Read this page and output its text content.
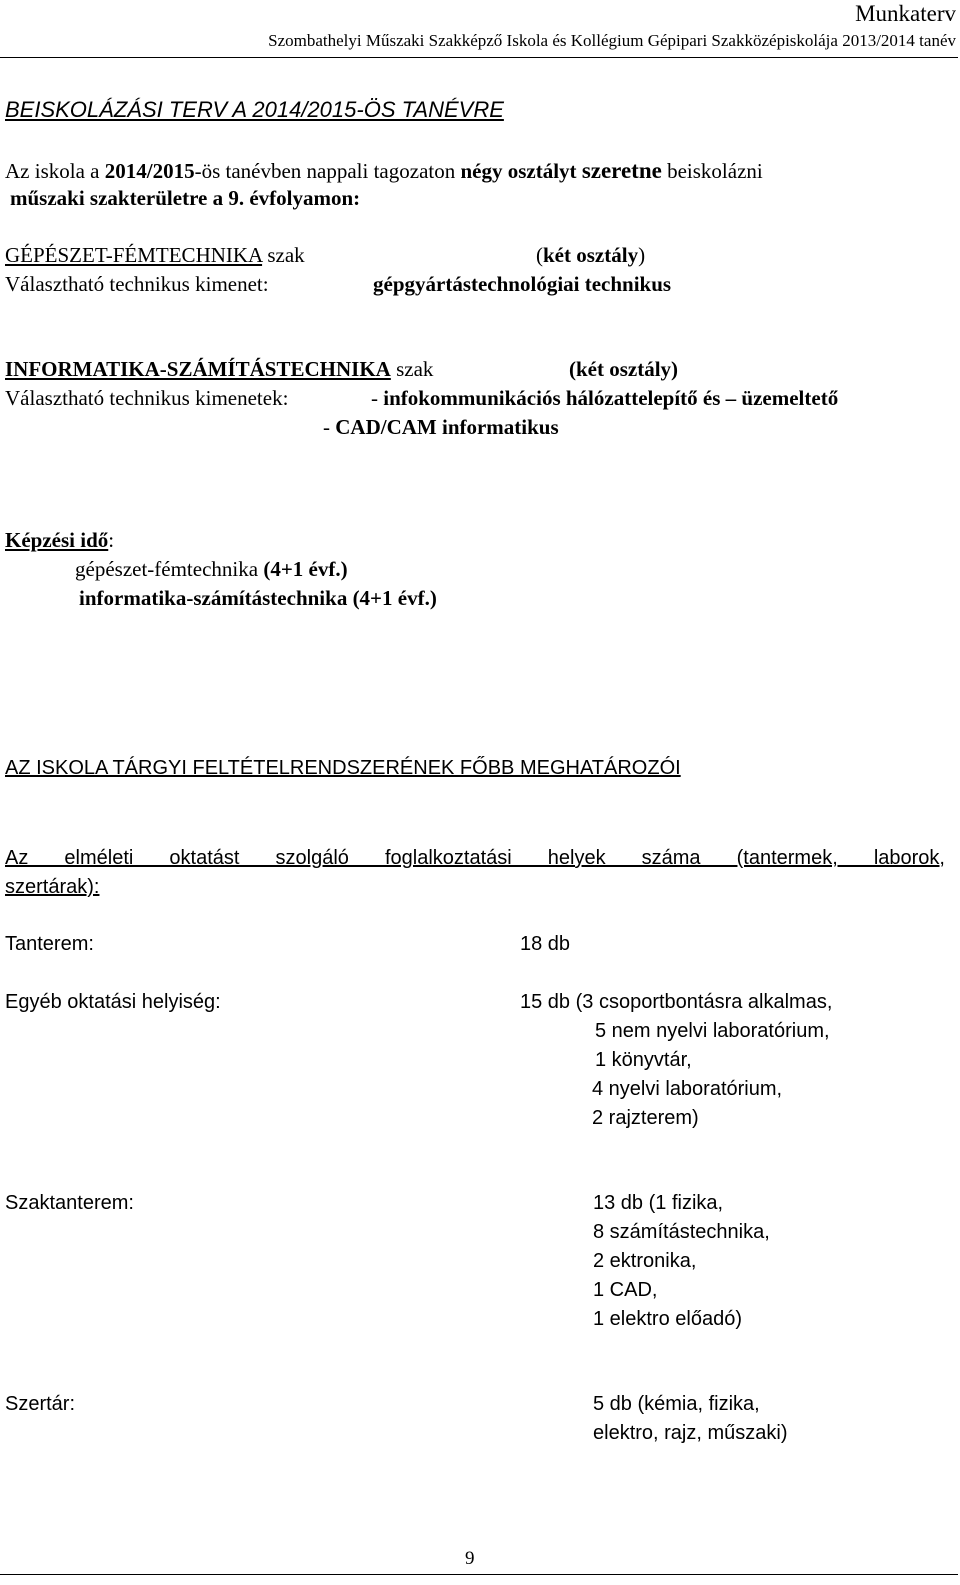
Munkaterv
Szombathelyi Műszaki Szakképző Iskola és Kollégium Gépipari Szakközépiskolája 2013/2014 tanév
BEISKOLÁZÁSI TERV A 2014/2015-ÖS TANÉVRE
Az iskola a 2014/2015-ös tanévben nappali tagozaton négy osztályt szeretne beiskolázni
műszaki szakterületre a 9. évfolyamon:
GÉPÉSZET-FÉMTECHNIKA szak	(két osztály)
Választható technikus kimenet:	gépgyártástechnológiai technikus
INFORMATIKA-SZÁMÍTÁSTECHNIKA szak	(két osztály)
Választható technikus kimenetek:	- infokommunikációs hálózattelepítő és – üzemeltető
- CAD/CAM informatikus
Képzési idő:
gépészet-fémtechnika (4+1 évf.)
informatika-számítástechnika (4+1 évf.)
AZ ISKOLA TÁRGYI FELTÉTELRENDSZERÉNEK FŐBB MEGHATÁROZÓI
Az elméleti oktatást szolgáló foglalkoztatási helyek száma (tantermek, laborok,
szertárak):
Tanterem:	18 db
Egyéb oktatási helyiség:	15 db (3 csoportbontásra alkalmas,
5 nem nyelvi laboratórium,
1 könyvtár,
4 nyelvi laboratórium,
2 rajzterem)
Szaktanterem:	13 db (1 fizika,
8 számítástechnika,
2 ektronika,
1 CAD,
1 elektro előadó)
Szertár:	5 db (kémia, fizika,
elektro, rajz, műszaki)
9
